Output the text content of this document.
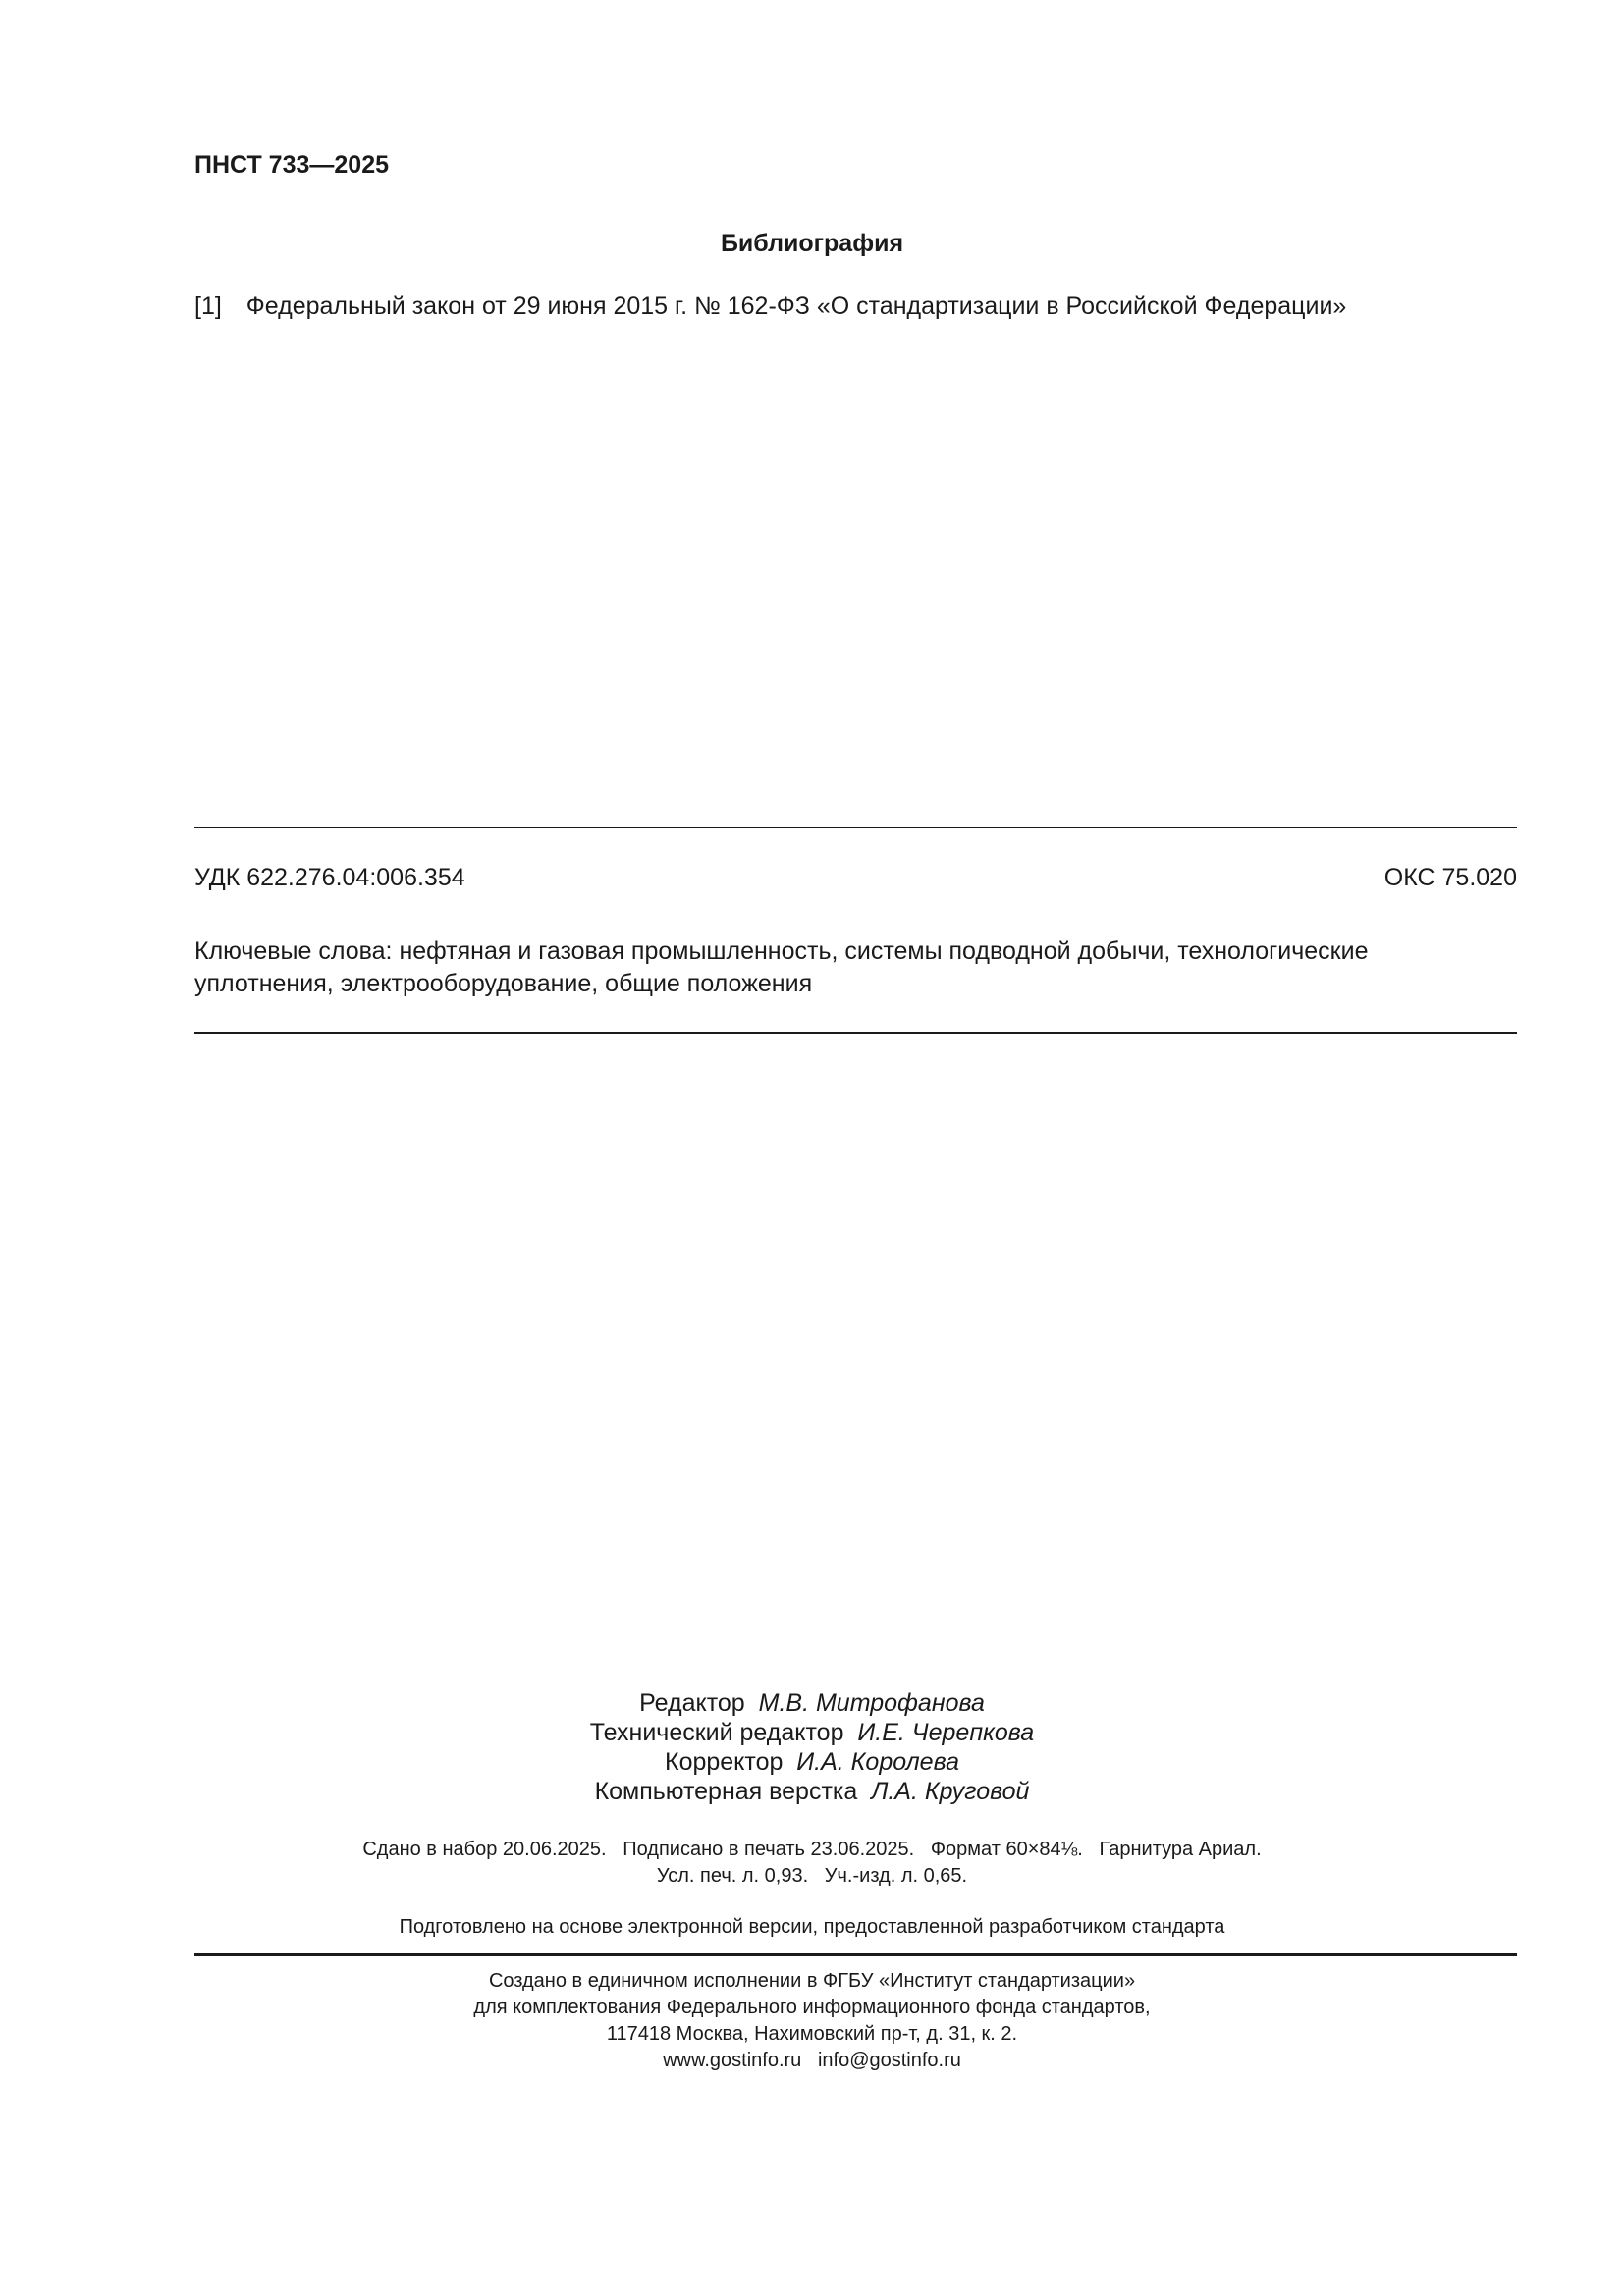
ПНСТ 733—2025
Библиография
[1] Федеральный закон от 29 июня 2015 г. № 162-ФЗ «О стандартизации в Российской Федерации»
УДК 622.276.04:006.354	ОКС 75.020
Ключевые слова: нефтяная и газовая промышленность, системы подводной добычи, технологические
уплотнения, электрооборудование, общие положения
Редактор М.В. Митрофанова
Технический редактор И.Е. Черепкова
Корректор И.А. Королева
Компьютерная верстка Л.А. Круговой
Сдано в набор 20.06.2025.   Подписано в печать 23.06.2025.   Формат 60×84⅛.   Гарнитура Ариал.
Усл. печ. л. 0,93.   Уч.-изд. л. 0,65.
Подготовлено на основе электронной версии, предоставленной разработчиком стандарта
Создано в единичном исполнении в ФГБУ «Институт стандартизации»
для комплектования Федерального информационного фонда стандартов,
117418 Москва, Нахимовский пр-т, д. 31, к. 2.
www.gostinfo.ru info@gostinfo.ru
